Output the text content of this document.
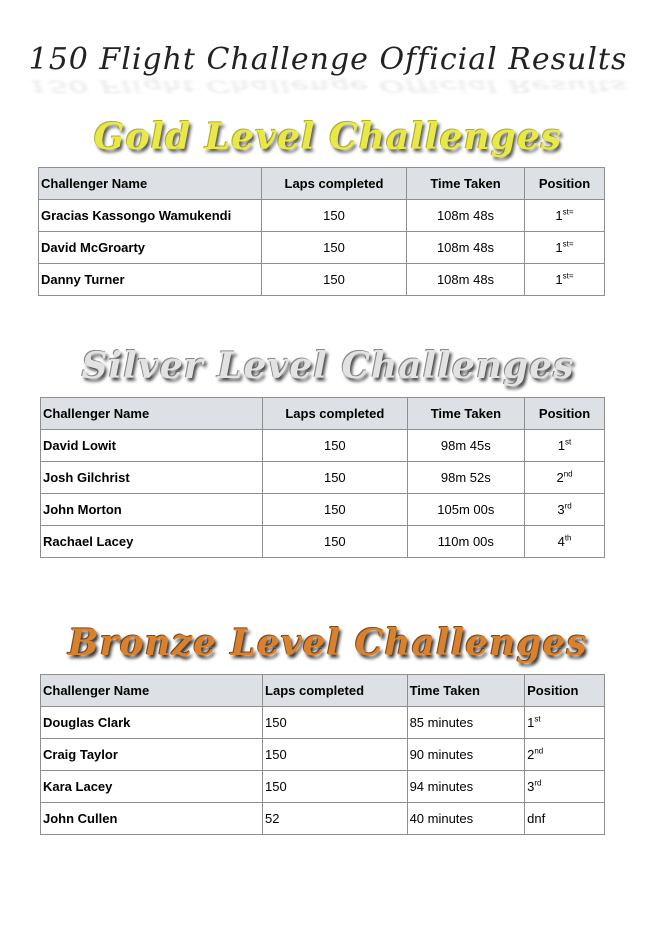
150 Flight Challenge Official Results
150 Flight Challenge Official Results
Gold Level Challenges
Challenger Name	Laps completed	Time Taken	Position
Gracias Kassongo Wamukendi	150	108m 48s	$1^{st=}$
David McGroarty	150	108m 48s	$1^{st=}$
Danny Turner	150	108m 48s	$1^{st=}$
Silver Level Challenges
Challenger Name	Laps completed	Time Taken	Position
David Lowit	150	98m 45s	1st
Josh Gilchrist	150	98m 52s	2nd
John Morton	150	105m 00s	3rd
Rachael Lacey	150	110m 00s	4th
Bronze Level Challenges
Challenger Name	Laps completed	Time Taken	Position
Douglas Clark	150	85 minutes	1st
Craig Taylor	150	90 minutes	2nd
Kara Lacey	150	94 minutes	3rd
John Cullen	52	40 minutes	dnf
